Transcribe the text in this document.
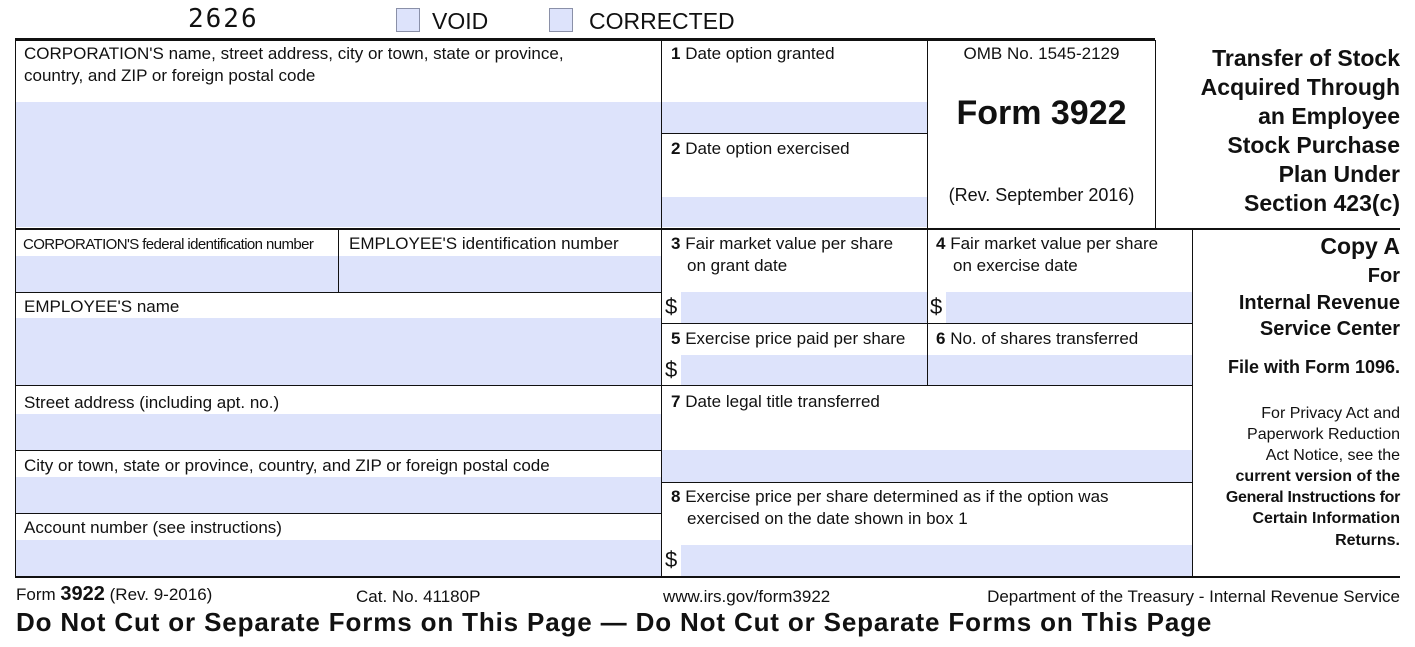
2626	VOID	CORRECTED
CORPORATION'S name, street address, city or town, state or province,
country, and ZIP or foreign postal code
CORPORATION'S federal identification number EMPLOYEE'S identification number
EMPLOYEE'S name
Street address (including apt. no.)
City or town, state or province, country, and ZIP or foreign postal code
Account number (see instructions)
1 Date option granted
2 Date option exercised
3 Fair market value per share
on grant date
$
4 Fair market value per share
on exercise date
$
5 Exercise price paid per share
$
6 No. of shares transferred
7 Date legal title transferred
8 Exercise price per share determined as if the option was
exercised on the date shown in box 1
$
OMB No. 1545-2129
Form 3922
(Rev. September 2016)
Transfer of Stock
Acquired Through
an Employee
Stock Purchase
Plan Under
Section 423(c)
Copy A
For
Internal Revenue
Service Center
File with Form 1096.
For Privacy Act and
Paperwork Reduction
Act Notice, see the
current version of the
General Instructions for
Certain Information
Returns.
Form 3922 (Rev. 9-2016)	Cat. No. 41180P	www.irs.gov/form3922	Department of the Treasury - Internal Revenue Service
Do Not Cut or Separate Forms on This Page — Do Not Cut or Separate Forms on This Page
